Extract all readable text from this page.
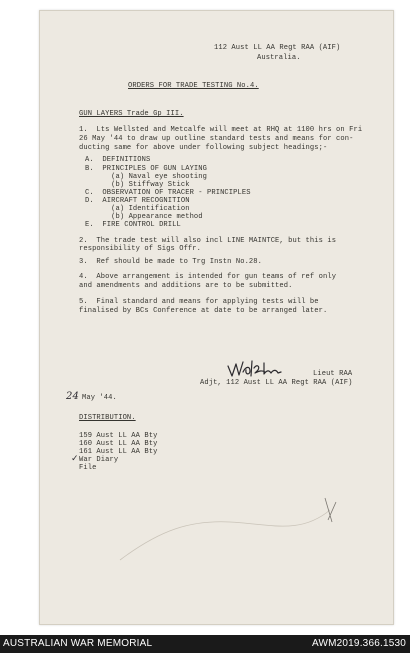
112 Aust LL AA Regt RAA (AIF)
Australia.
ORDERS FOR TRADE TESTING No.4.
GUN LAYERS Trade Gp III.
1.  Lts Wellsted and Metcalfe will meet at RHQ at 1100 hrs on Fri
26 May '44 to draw up outline standard tests and means for con-
ducting same for above under following subject headings;-
A.  DEFINITIONS
B.  PRINCIPLES OF GUN LAYING
(a) Naval eye shooting
(b) Stiffway Stick
C.  OBSERVATION OF TRACER - PRINCIPLES
D.  AIRCRAFT RECOGNITION
(a) Identification
(b) Appearance method
E.  FIRE CONTROL DRILL
2.  The trade test will also incl LINE MAINTCE, but this is
responsibility of Sigs Offr.
3.  Ref should be made to Trg Instn No.28.
4.  Above arrangement is intended for gun teams of ref only
and amendments and additions are to be submitted.
5.  Final standard and means for applying tests will be
finalised by BCs Conference at date to be arranged later.
Lieut RAA
Adjt, 112 Aust LL AA Regt RAA (AIF)
24 May '44.
DISTRIBUTION.
159 Aust LL AA Bty
160 Aust LL AA Bty
161 Aust LL AA Bty
War Diary
File
✓
AUSTRALIAN WAR MEMORIAL	AWM2019.366.1530
